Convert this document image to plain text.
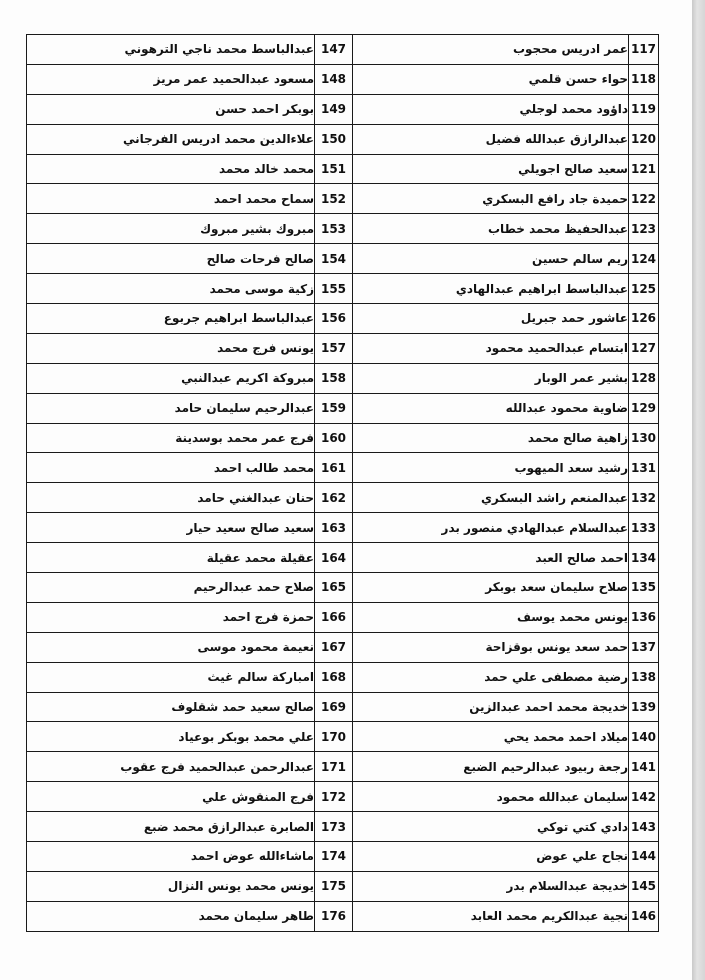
عبدالباسط محمد ناجي الترهوني	147	عمر ادريس محجوب	117
مسعود عبدالحميد عمر مريز	148	حواء حسن قلمي	118
بوبكر احمد حسن	149	داؤود محمد لوجلي	119
علاءالدين محمد ادريس الفرجاني	150	عبدالرازق عبدالله فضيل	120
محمد خالد محمد	151	سعيد صالح اجويلي	121
سماح محمد احمد	152	حميدة جاد رافع البسكري	122
مبروك بشير مبروك	153	عبدالحفيظ محمد خطاب	123
صالح فرحات صالح	154	ريم سالم حسين	124
زكية موسى محمد	155	عبدالباسط ابراهيم عبدالهادي	125
عبدالباسط ابراهيم جربوع	156	عاشور حمد جبريل	126
يونس فرج محمد	157	ابتسام عبدالحميد محمود	127
مبروكة اكريم عبدالنبي	158	بشير عمر الوبار	128
عبدالرحيم سليمان حامد	159	ضاوية محمود عبدالله	129
فرج عمر محمد بوسدينة	160	زاهية صالح محمد	130
محمد طالب احمد	161	رشيد سعد الميهوب	131
حنان عبدالغني حامد	162	عبدالمنعم راشد البسكري	132
سعيد صالح سعيد حيار	163	عبدالسلام عبدالهادي منصور بدر	133
عقيلة محمد عقيلة	164	احمد صالح العبد	134
صلاح حمد عبدالرحيم	165	صلاح سليمان سعد بوبكر	135
حمزة فرج احمد	166	يونس محمد يوسف	136
نعيمة محمود موسى	167	حمد سعد يونس بوقزاحة	137
امباركة سالم غيث	168	رضية مصطفى علي حمد	138
صالح سعيد حمد شقلوف	169	خديجة محمد احمد عبدالزين	139
علي محمد بوبكر بوعياد	170	ميلاد احمد محمد يحي	140
عبدالرحمن عبدالحميد فرج عقوب	171	رجعة ربيود عبدالرحيم الضبع	141
فرج المنقوش علي	172	سليمان عبدالله محمود	142
الصابرة عبدالرازق محمد ضبع	173	دادي كتي توكي	143
ماشاءالله عوض احمد	174	نجاح علي عوض	144
يونس محمد يونس النزال	175	خديجة عبدالسلام بدر	145
طاهر سليمان محمد	176	نجية عبدالكريم محمد العابد	146
